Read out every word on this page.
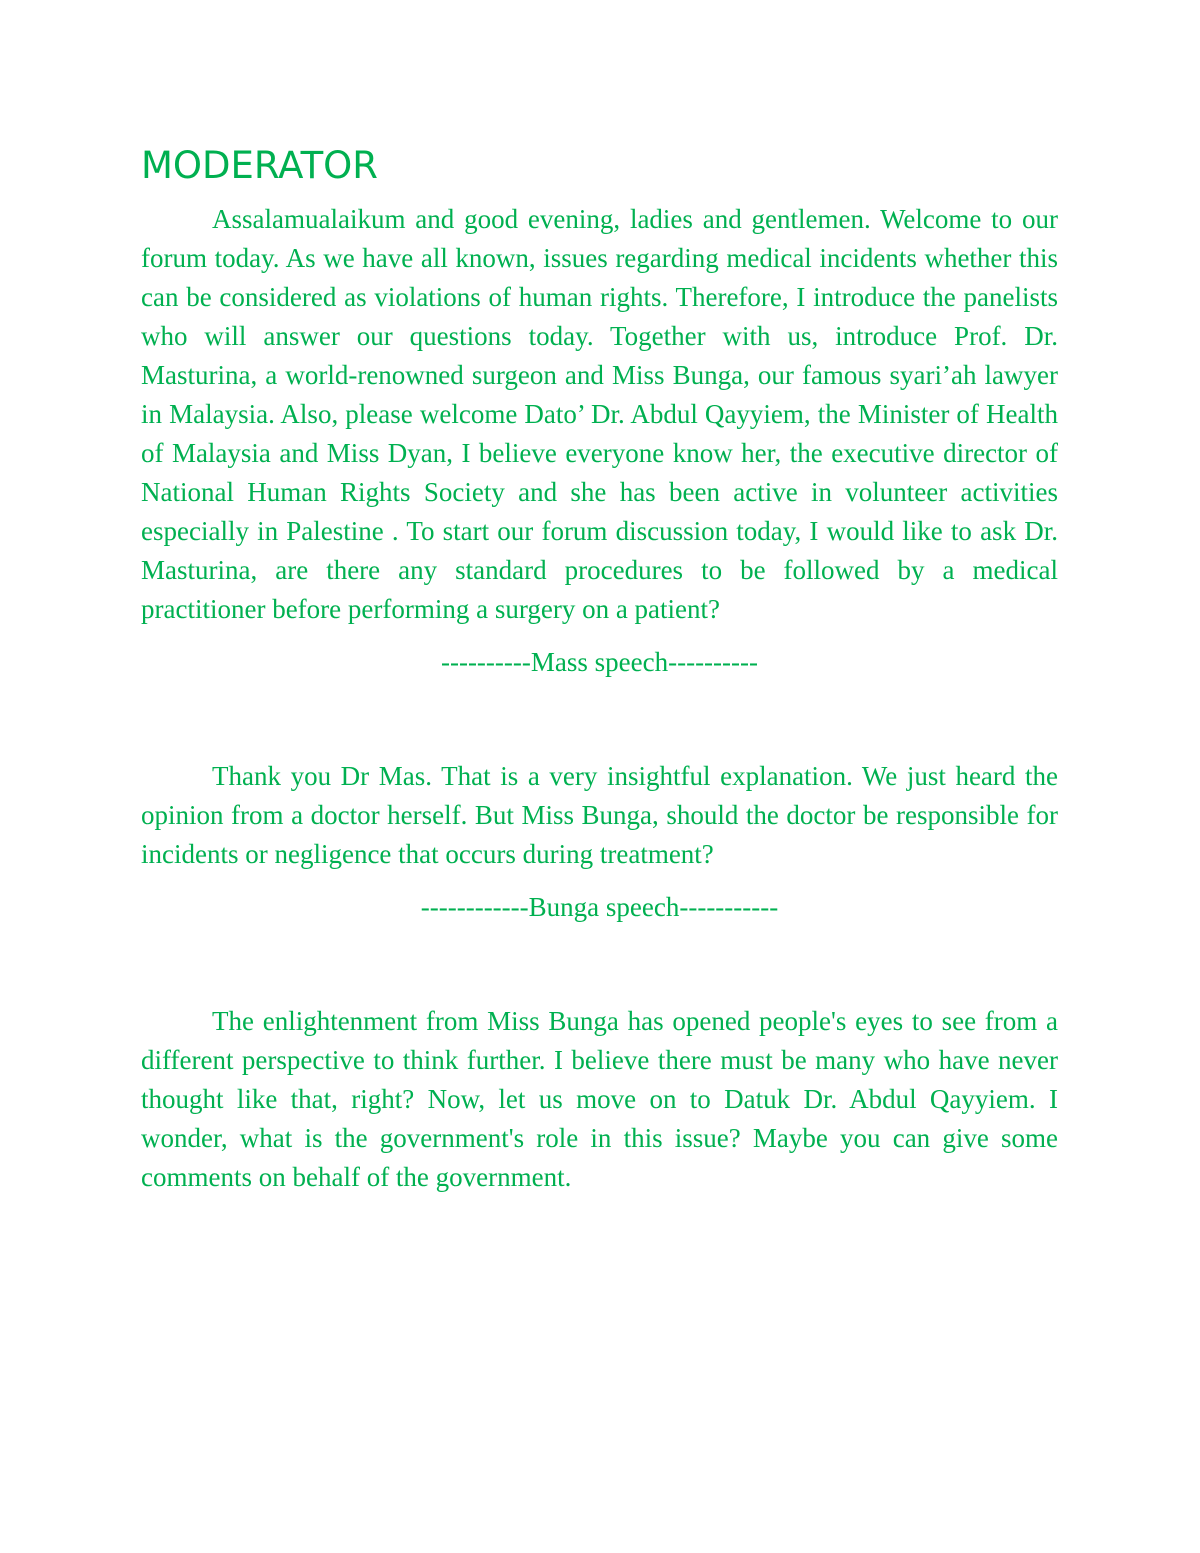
MODERATOR

Assalamualaikum and good evening, ladies and gentlemen. Welcome to our forum today. As we have all known, issues regarding medical incidents whether this can be considered as violations of human rights. Therefore, I introduce the panelists who will answer our questions today. Together with us, introduce Prof. Dr. Masturina, a world-renowned surgeon and Miss Bunga, our famous syari’ah lawyer in Malaysia. Also, please welcome Dato’ Dr. Abdul Qayyiem, the Minister of Health of Malaysia and Miss Dyan, I believe everyone know her, the executive director of National Human Rights Society and she has been active in volunteer activities especially in Palestine . To start our forum discussion today, I would like to ask Dr. Masturina, are there any standard procedures to be followed by a medical practitioner before performing a surgery on a patient?

----------Mass speech----------

Thank you Dr Mas. That is a very insightful explanation. We just heard the opinion from a doctor herself. But Miss Bunga, should the doctor be responsible for incidents or negligence that occurs during treatment?

------------Bunga speech-----------

The enlightenment from Miss Bunga has opened people's eyes to see from a different perspective to think further. I believe there must be many who have never thought like that, right? Now, let us move on to Datuk Dr. Abdul Qayyiem. I wonder, what is the government's role in this issue? Maybe you can give some comments on behalf of the government.
